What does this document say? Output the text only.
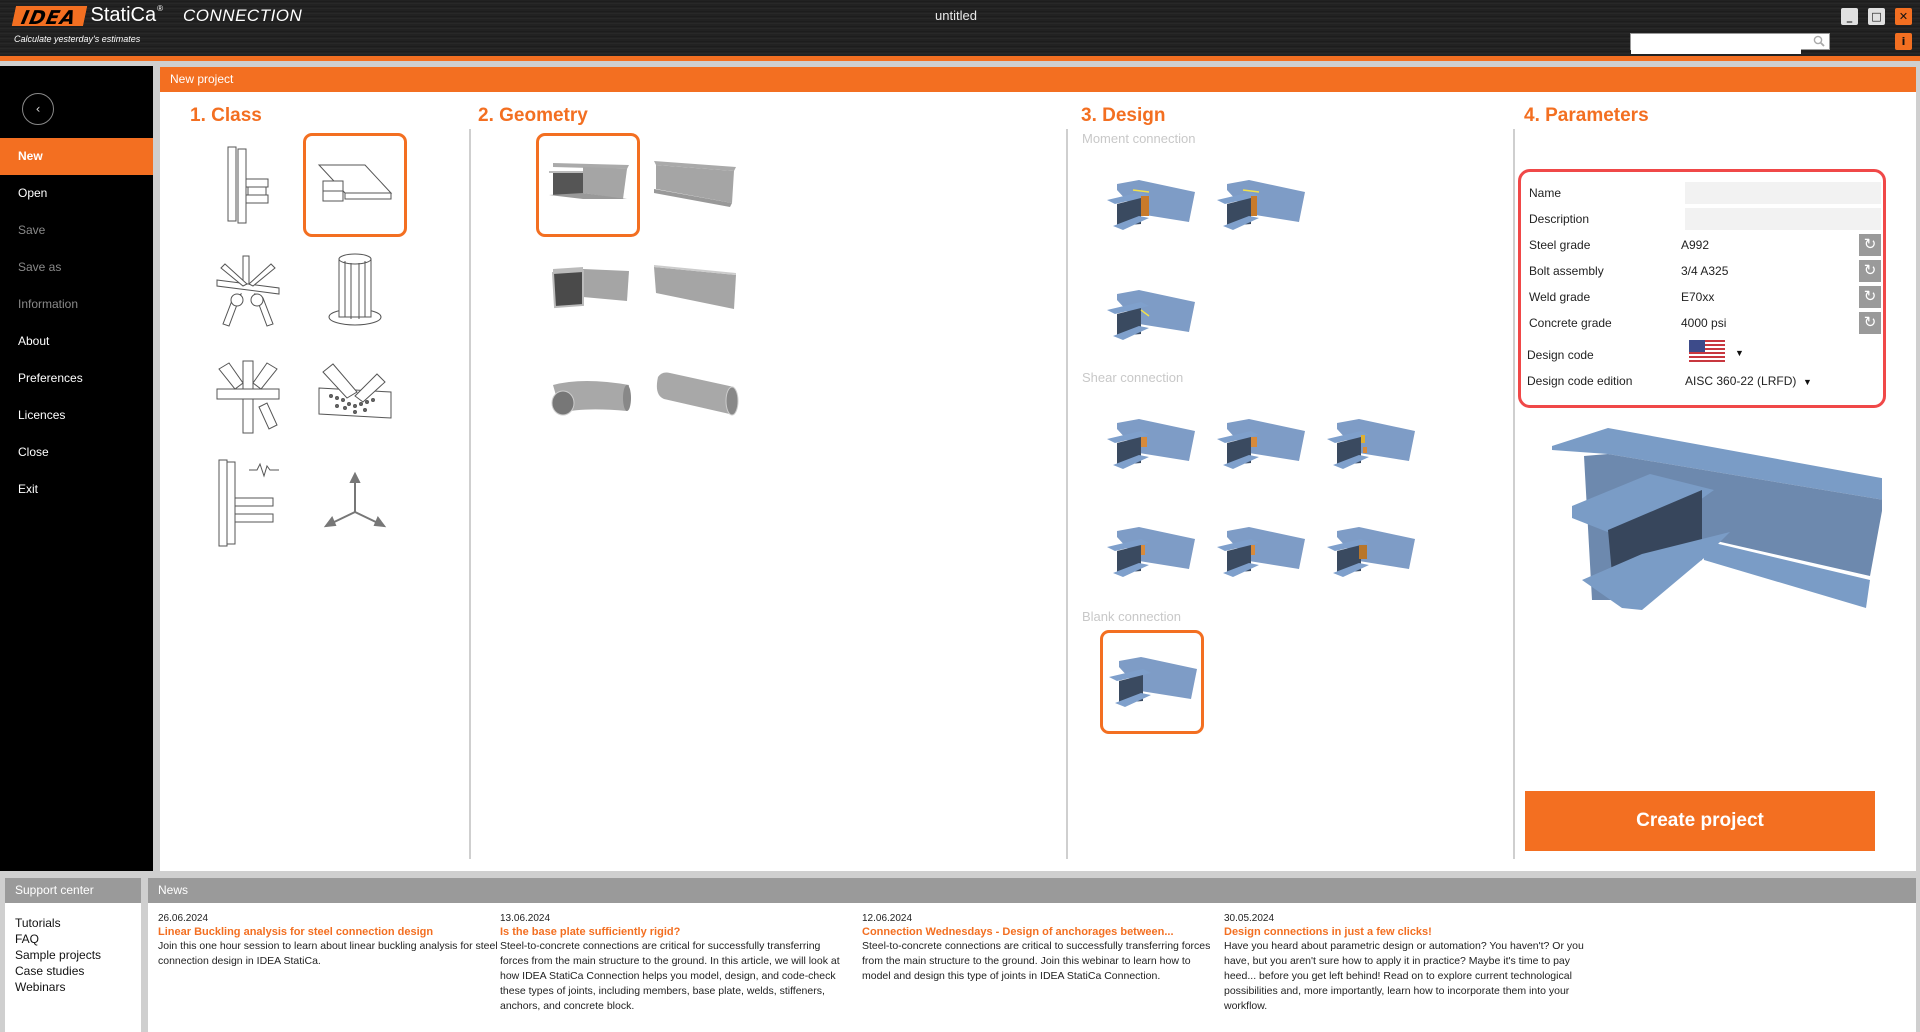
IDEA StatiCa® CONNECTION
Calculate yesterday's estimates
untitled	_ □ ✕
i
‹
New
Open
Save
Save as
Information
About
Preferences
Licences
Close
Exit
New project
1. Class	2. Geometry	3. Design	4. Parameters
Moment connection
Shear connection
Blank connection
Name
Description
Steel grade	A992	↻
Bolt assembly	3/4 A325	↻
Weld grade	E70xx	↻
Concrete grade	4000 psi	↻
Design code	▼
Design code edition	AISC 360-22 (LRFD) ▼
Create project
Support center
Tutorials
FAQ
Sample projects
Case studies
Webinars
News
26.06.2024
Linear Buckling analysis for steel connection design
Join this one hour session to learn about linear buckling analysis for steel connection design in IDEA StatiCa.
13.06.2024
Is the base plate sufficiently rigid?
Steel-to-concrete connections are critical for successfully transferring forces from the main structure to the ground. In this article, we will look at how IDEA StatiCa Connection helps you model, design, and code-check these types of joints, including members, base plate, welds, stiffeners, anchors, and concrete block.
12.06.2024
Connection Wednesdays - Design of anchorages between...
Steel-to-concrete connections are critical to successfully transferring forces from the main structure to the ground. Join this webinar to learn how to model and design this type of joints in IDEA StatiCa Connection.
30.05.2024
Design connections in just a few clicks!
Have you heard about parametric design or automation? You haven't? Or you have, but you aren't sure how to apply it in practice? Maybe it's time to pay heed... before you get left behind! Read on to explore current technological possibilities and, more importantly, learn how to incorporate them into your workflow.
